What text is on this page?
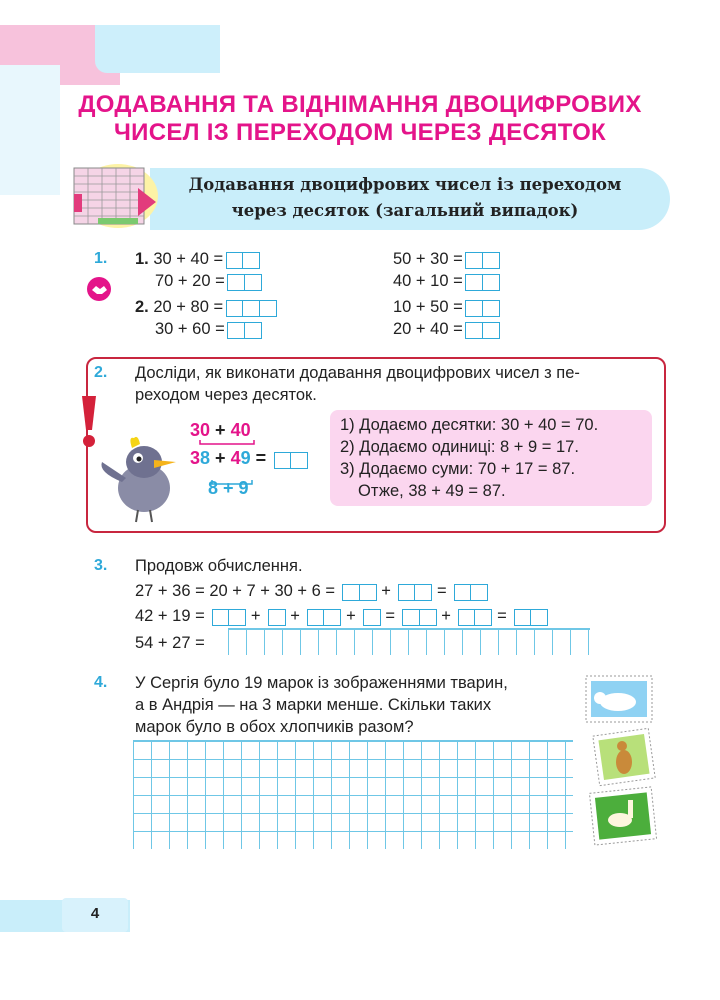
ДОДАВАННЯ ТА ВІДНІМАННЯ ДВОЦИФРОВИХ
ЧИСЕЛ ІЗ ПЕРЕХОДОМ ЧЕРЕЗ ДЕСЯТОК
Додавання двоцифрових чисел із переходом
через десяток (загальний випадок)
1. 1. 30 + 40 =
70 + 20 =
2. 20 + 80 =
30 + 60 =
50 + 30 =
40 + 10 =
10 + 50 =
20 + 40 =
2. Досліди, як виконати додавання двоцифрових чисел з пе-
реходом через десяток.
30 + 40
38 + 49 =
8 + 9
1) Додаємо десятки: 30 + 40 = 70.
2) Додаємо одиниці: 8 + 9 = 17.
3) Додаємо суми: 70 + 17 = 87.
Отже, 38 + 49 = 87.
3. Продовж обчислення.
27 + 36 = 20 + 7 + 30 + 6 =	+	=
42 + 19 =	+ +	+ =	+	=
54 + 27 =
4. У Сергія було 19 марок із зображеннями тварин,
а в Андрія — на 3 марки менше. Скільки таких
марок було в обох хлопчиків разом?
4
